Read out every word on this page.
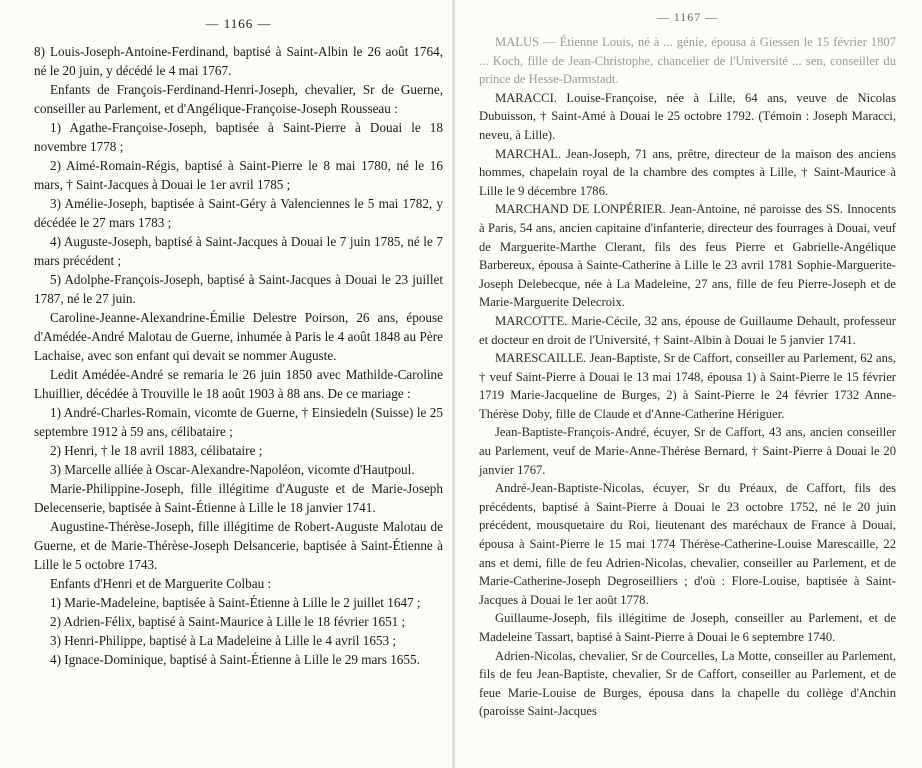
— 1166 —

8) Louis-Joseph-Antoine-Ferdinand, baptisé à Saint-Albin le 26 août 1764, né le 20 juin, y décédé le 4 mai 1767.

Enfants de François-Ferdinand-Henri-Joseph, chevalier, Sr de Guerne, conseiller au Parlement, et d'Angélique-Françoise-Joseph Rousseau :

1) Agathe-Françoise-Joseph, baptisée à Saint-Pierre à Douai le 18 novembre 1778 ;

2) Aimé-Romain-Régis, baptisé à Saint-Pierre le 8 mai 1780, né le 16 mars, † Saint-Jacques à Douai le 1er avril 1785 ;

3) Amélie-Joseph, baptisée à Saint-Géry à Valenciennes le 5 mai 1782, y décédée le 27 mars 1783 ;

4) Auguste-Joseph, baptisé à Saint-Jacques à Douai le 7 juin 1785, né le 7 mars précédent ;

5) Adolphe-François-Joseph, baptisé à Saint-Jacques à Douai le 23 juillet 1787, né le 27 juin.

Caroline-Jeanne-Alexandrine-Émilie Delestre Poirson, 26 ans, épouse d'Amédée-André Malotau de Guerne, inhumée à Paris le 4 août 1848 au Père Lachaise, avec son enfant qui devait se nommer Auguste.

Ledit Amédée-André se remaria le 26 juin 1850 avec Mathilde-Caroline Lhuillier, décédée à Trouville le 18 août 1903 à 88 ans. De ce mariage :

1) André-Charles-Romain, vicomte de Guerne, † Einsiedeln (Suisse) le 25 septembre 1912 à 59 ans, célibataire ;

2) Henri, † le 18 avril 1883, célibataire ;

3) Marcelle alliée à Oscar-Alexandre-Napoléon, vicomte d'Hautpoul.

Marie-Philippine-Joseph, fille illégitime d'Auguste et de Marie-Joseph Delecenserie, baptisée à Saint-Étienne à Lille le 18 janvier 1741.

Augustine-Thérèse-Joseph, fille illégitime de Robert-Auguste Malotau de Guerne, et de Marie-Thérèse-Joseph Delsancerie, baptisée à Saint-Étienne à Lille le 5 octobre 1743.

Enfants d'Henri et de Marguerite Colbau :

1) Marie-Madeleine, baptisée à Saint-Étienne à Lille le 2 juillet 1647 ;

2) Adrien-Félix, baptisé à Saint-Maurice à Lille le 18 février 1651 ;

3) Henri-Philippe, baptisé à La Madeleine à Lille le 4 avril 1653 ;

4) Ignace-Dominique, baptisé à Saint-Étienne à Lille le 29 mars 1655.

— 1167 —

MALUS — Étienne Louis, né à ... génie, épousa à Giessen le 15 février 1807 ... Koch, fille de Jean-Christophe, chancelier de l'Université ... sen, conseiller du prince de Hesse-Darmstadt.

MARACCI. Louise-Françoise, née à Lille, 64 ans, veuve de Nicolas Dubuisson, † Saint-Amé à Douai le 25 octobre 1792. (Témoin : Joseph Maracci, neveu, à Lille).

MARCHAL. Jean-Joseph, 71 ans, prêtre, directeur de la maison des anciens hommes, chapelain royal de la chambre des comptes à Lille, † Saint-Maurice à Lille le 9 décembre 1786.

MARCHAND DE LONPÉRIER. Jean-Antoine, né paroisse des SS. Innocents à Paris, 54 ans, ancien capitaine d'infanterie, directeur des fourrages à Douai, veuf de Marguerite-Marthe Clerant, fils des feus Pierre et Gabrielle-Angélique Barbereux, épousa à Sainte-Catherine à Lille le 23 avril 1781 Sophie-Marguerite-Joseph Delebecque, née à La Madeleine, 27 ans, fille de feu Pierre-Joseph et de Marie-Marguerite Delecroix.

MARCOTTE. Marie-Cécile, 32 ans, épouse de Guillaume Dehault, professeur et docteur en droit de l'Université, † Saint-Albin à Douai le 5 janvier 1741.

MARESCAILLE. Jean-Baptiste, Sr de Caffort, conseiller au Parlement, 62 ans, † veuf Saint-Pierre à Douai le 13 mai 1748, épousa 1) à Saint-Pierre le 15 février 1719 Marie-Jacqueline de Burges, 2) à Saint-Pierre le 24 février 1732 Anne-Thérèse Doby, fille de Claude et d'Anne-Catherine Hériguer.

Jean-Baptiste-François-André, écuyer, Sr de Caffort, 43 ans, ancien conseiller au Parlement, veuf de Marie-Anne-Thérèse Bernard, † Saint-Pierre à Douai le 20 janvier 1767.

André-Jean-Baptiste-Nicolas, écuyer, Sr du Préaux, de Caffort, fils des précédents, baptisé à Saint-Pierre à Douai le 23 octobre 1752, né le 20 juin précédent, mousquetaire du Roi, lieutenant des maréchaux de France à Douai, épousa à Saint-Pierre le 15 mai 1774 Thérèse-Catherine-Louise Marescaille, 22 ans et demi, fille de feu Adrien-Nicolas, chevalier, conseiller au Parlement, et de Marie-Catherine-Joseph Degroseilliers ; d'où : Flore-Louise, baptisée à Saint-Jacques à Douai le 1er août 1778.

Guillaume-Joseph, fils illégitime de Joseph, conseiller au Parlement, et de Madeleine Tassart, baptisé à Saint-Pierre à Douai le 6 septembre 1740.

Adrien-Nicolas, chevalier, Sr de Courcelles, La Motte, conseiller au Parlement, fils de feu Jean-Baptiste, chevalier, Sr de Caffort, conseiller au Parlement, et de feue Marie-Louise de Burges, épousa dans la chapelle du collège d'Anchin (paroisse Saint-Jacques
